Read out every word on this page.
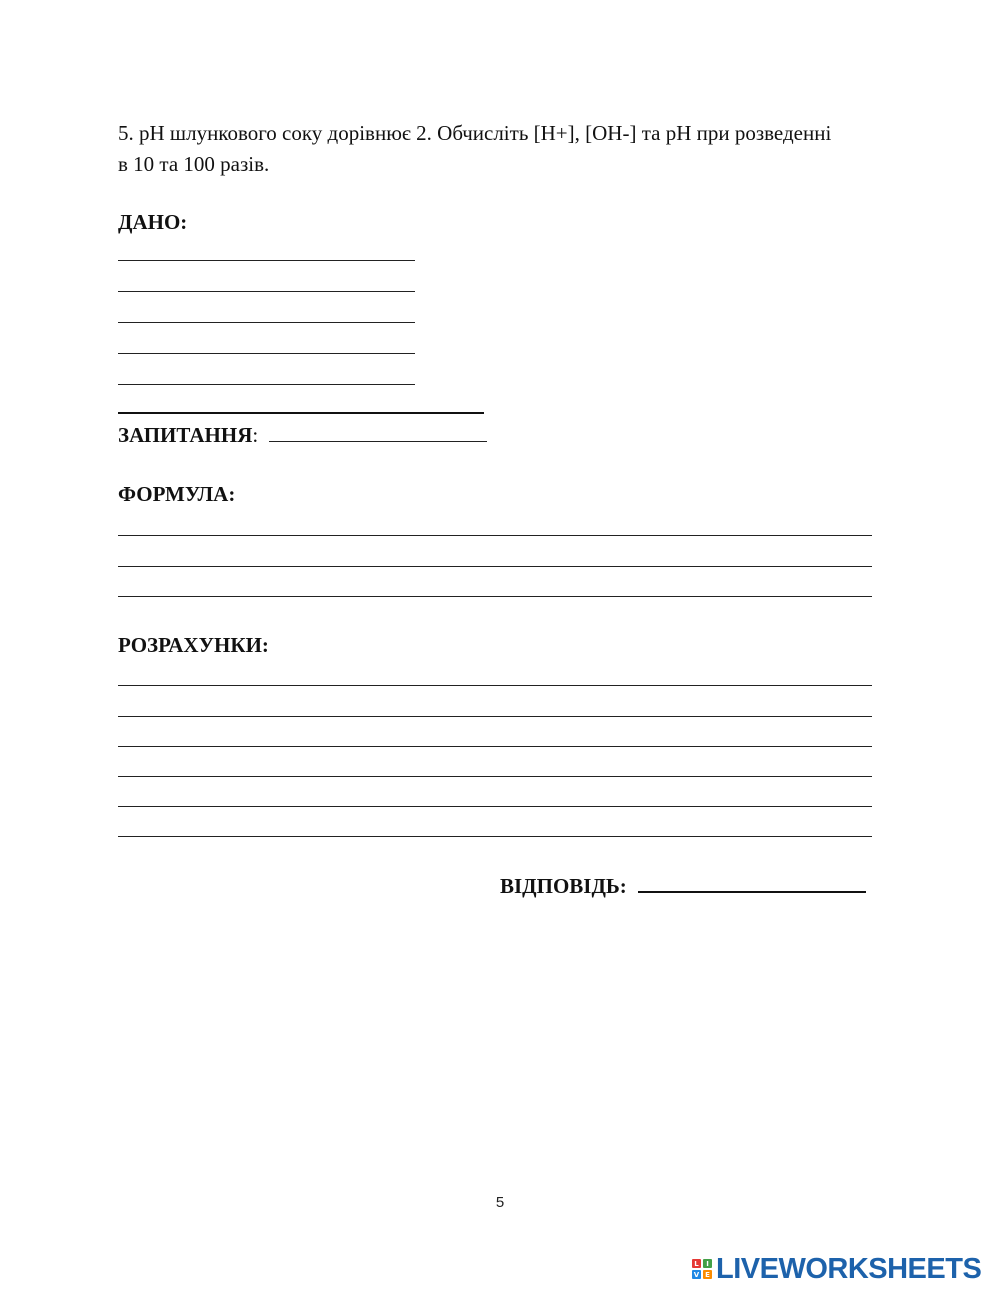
5. pH шлункового соку дорівнює 2. Обчисліть [H+], [OH-] та pH при розведенні
в 10 та 100 разів.
ДАНО:
ЗАПИТАННЯ:
ФОРМУЛА:
РОЗРАХУНКИ:
ВІДПОВІДЬ:
5
L	I
V E LIVEWORKSHEETS
